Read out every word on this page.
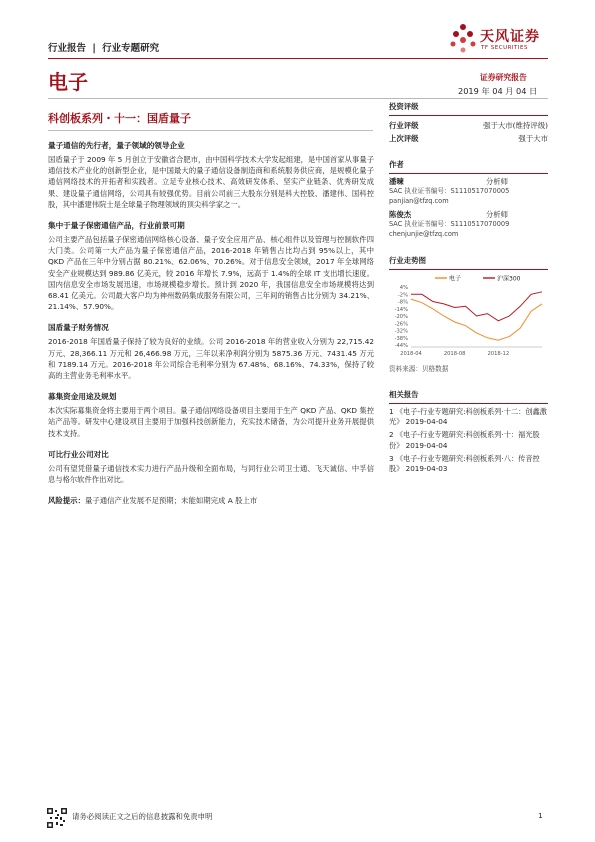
行业报告 | 行业专题研究
天风证券
TF SECURITIES
电子	证券研究报告
2019 年 04 月 04 日
科创板系列・十一：国盾量子
量子通信的先行者，量子领域的领导企业
国盾量子于 2009 年 5 月创立于安徽省合肥市，由中国科学技术大学发起组建，是中国首家从事量子通信技术产业化的创新型企业，是中国最大的量子通信设备制造商和系统服务供应商，是规模化量子通信网络技术的开拓者和实践者。立足专业核心技术、高效研发体系、坚实产业链条、优秀研发成果、建设量子通信网络，公司具有较强优势。目前公司前三大股东分别是科大控股、潘建伟、国科控股，其中潘建伟院士是全球量子物理领域的顶尖科学家之一。
集中于量子保密通信产品，行业前景可期
公司主要产品包括量子保密通信网络核心设备、量子安全应用产品、核心组件以及管理与控制软件四大门类。公司第一大产品为量子保密通信产品，2016-2018 年销售占比均占到 95%以上，其中 QKD 产品在三年中分别占据 80.21%、62.06%、70.26%。对于信息安全领域，2017 年全球网络安全产业规模达到 989.86 亿美元，较 2016 年增长 7.9%，远高于 1.4%的全球 IT 支出增长速度。国内信息安全市场发展迅速，市场规模稳步增长。预计到 2020 年，我国信息安全市场规模将达到 68.41 亿美元。公司最大客户均为神州数码集成服务有限公司，三年间的销售占比分别为 34.21%、21.14%、57.90%。
国盾量子财务情况
2016-2018 年国盾量子保持了较为良好的业绩。公司 2016-2018 年的营业收入分别为 22,715.42 万元、28,366.11 万元和 26,466.98 万元，三年以来净利润分别为 5875.36 万元、7431.45 万元和 7189.14 万元。2016-2018 年公司综合毛利率分别为 67.48%、68.16%、74.33%，保持了较高的主营业务毛利率水平。
募集资金用途及规划
本次实际募集资金将主要用于两个项目。量子通信网络设备项目主要用于生产 QKD 产品、QKD 集控站产品等。研发中心建设项目主要用于加强科技创新能力，充实技术储备，为公司提升业务开展提供技术支持。
可比行业公司对比
公司有望凭借量子通信技术实力进行产品升级和全面布局，与同行业公司卫士通、飞天诚信、中孚信息与格尔软件作出对比。
风险提示：量子通信产业发展不足预期；未能如期完成 A 股上市
投资评级
行业评级	强于大市(维持评级)
上次评级	强于大市
作者
潘暕	分析师
SAC 执业证书编号：S1110517070005
panjian@tfzq.com
陈俊杰	分析师
SAC 执业证书编号：S1110517070009
chenjunjie@tfzq.com
行业走势图
电子	沪深300
4%
-2%
-8%
-14%
-20%
-26%
-32%
-38%
-44%
2018-04	2018-08	2018-12
资料来源：贝格数据
相关报告
1 《电子-行业专题研究:科创板系列·十二：创鑫激光》 2019-04-04
2 《电子-行业专题研究:科创板系列·十：福光股份》 2019-04-04
3 《电子-行业专题研究:科创板系列·八：传音控股》 2019-04-03
请务必阅读正文之后的信息披露和免责申明	1
